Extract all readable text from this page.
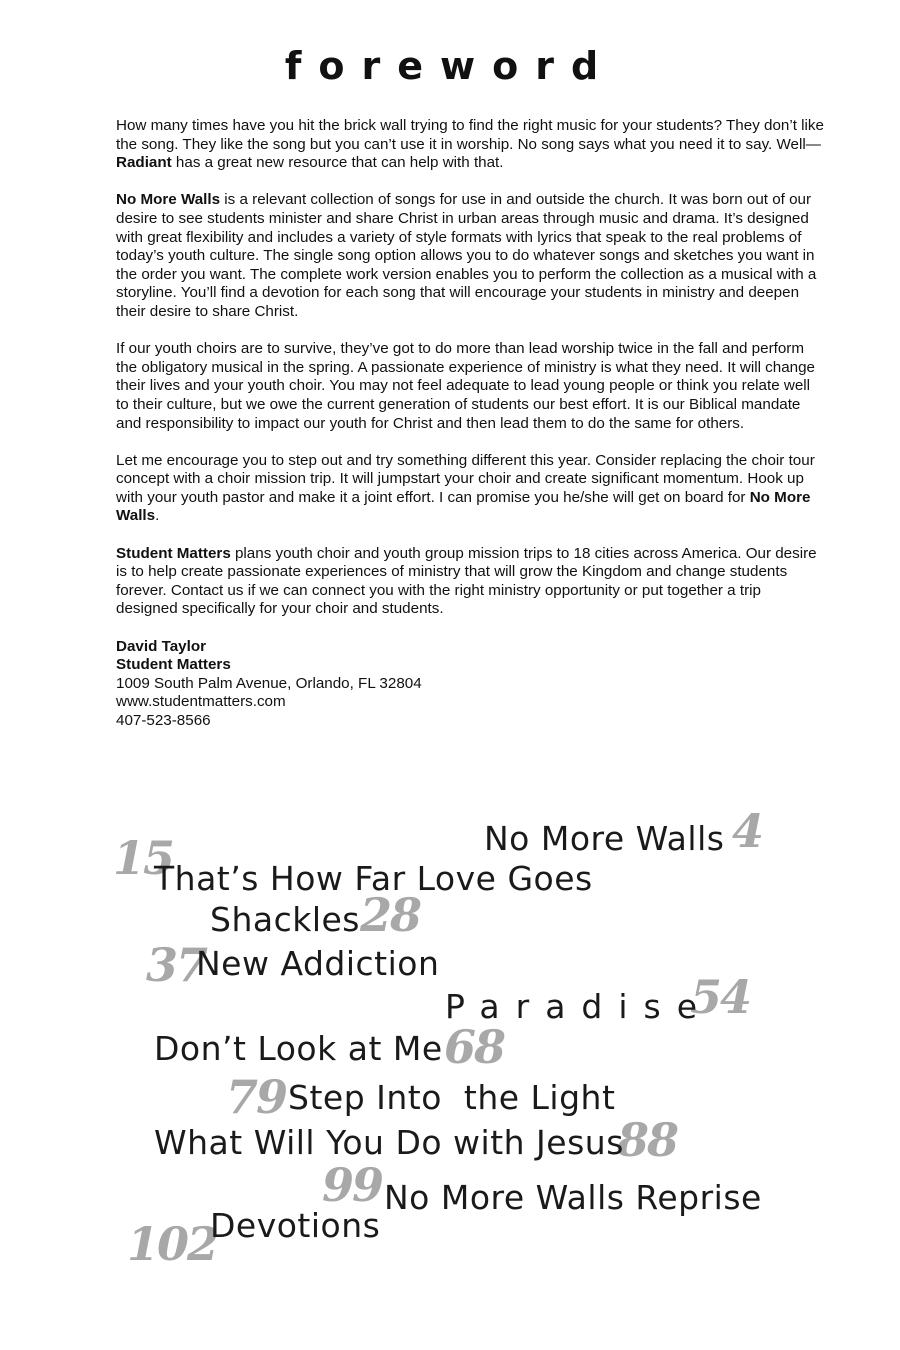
foreword

How many times have you hit the brick wall trying to find the right music for your students? They don’t like the song. They like the song but you can’t use it in worship. No song says what you need it to say. Well—Radiant has a great new resource that can help with that.

No More Walls is a relevant collection of songs for use in and outside the church. It was born out of our desire to see students minister and share Christ in urban areas through music and drama. It’s designed with great flexibility and includes a variety of style formats with lyrics that speak to the real problems of today’s youth culture. The single song option allows you to do whatever songs and sketches you want in the order you want. The complete work version enables you to perform the collection as a musical with a storyline. You’ll find a devotion for each song that will encourage your students in ministry and deepen their desire to share Christ.

If our youth choirs are to survive, they’ve got to do more than lead worship twice in the fall and perform the obligatory musical in the spring. A passionate experience of ministry is what they need. It will change their lives and your youth choir. You may not feel adequate to lead young people or think you relate well to their culture, but we owe the current generation of students our best effort. It is our Biblical mandate and responsibility to impact our youth for Christ and then lead them to do the same for others.

Let me encourage you to step out and try something different this year. Consider replacing the choir tour concept with a choir mission trip. It will jumpstart your choir and create significant momentum. Hook up with your youth pastor and make it a joint effort. I can promise you he/she will get on board for No More Walls.

Student Matters plans youth choir and youth group mission trips to 18 cities across America. Our desire is to help create passionate experiences of ministry that will grow the Kingdom and change students forever. Contact us if we can connect you with the right ministry opportunity or put together a trip designed specifically for your choir and students.

David Taylor
Student Matters
1009 South Palm Avenue, Orlando, FL 32804
www.studentmatters.com
407-523-8566
4
No More Walls
15
That’s How Far Love Goes
28
Shackles
37
New Addiction
54
Paradise
68
Don’t Look at Me
79 Step Into  the Light
88
What Will You Do with Jesus
99 No More Walls Reprise
102
Devotions
